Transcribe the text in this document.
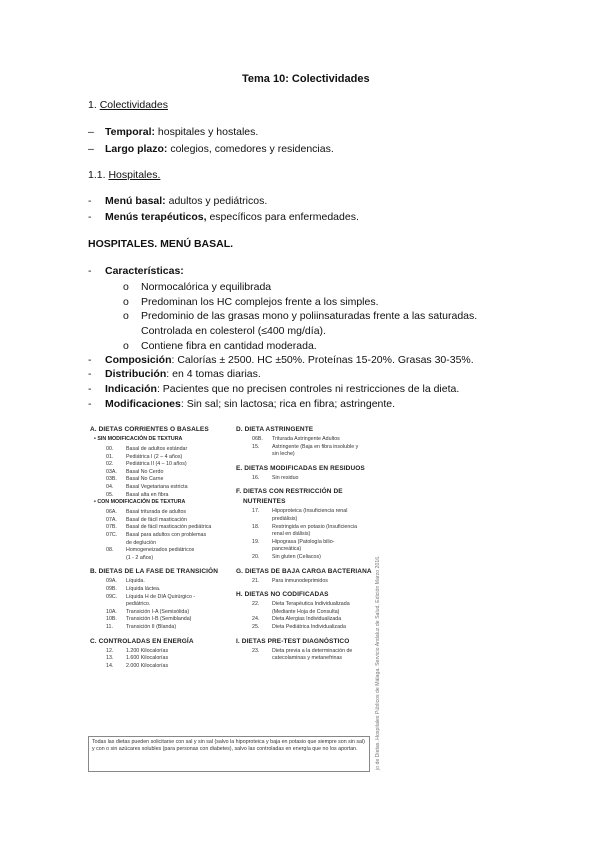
Tema 10: Colectividades
1. Colectividades
– Temporal: hospitales y hostales.
– Largo plazo: colegios, comedores y residencias.
1.1. Hospitales.
- Menú basal: adultos y pediátricos.
- Menús terapéuticos, específicos para enfermedades.
HOSPITALES. MENÚ BASAL.
- Características:
o Normocalórica y equilibrada
o Predominan los HC complejos frente a los simples.
o Predominio de las grasas mono y poliinsaturadas frente a las saturadas.
Controlada en colesterol (≤400 mg/día).
o Contiene fibra en cantidad moderada.
- Composición: Calorías ± 2500. HC ±50%. Proteínas 15-20%. Grasas 30-35%.
- Distribución: en 4 tomas diarias.
- Indicación: Pacientes que no precisen controles ni restricciones de la dieta.
- Modificaciones: Sin sal; sin lactosa; rica en fibra; astringente.
A. DIETAS CORRIENTES O BASALES
• SIN MODIFICACIÓN DE TEXTURA
00. Basal de adultos estándar
01. Pediátrica I (2 – 4 años)
02. Pediátrica II (4 – 10 años)
03A. Basal No Cerdo
03B. Basal No Carne
04. Basal Vegetariana estricta
05. Basal alta en fibra
• CON MODIFICACIÓN DE TEXTURA
06A. Basal triturada de adultos
07A. Basal de fácil masticación
07B. Basal de fácil masticación pediátrica
07C. Basal para adultos con problemas
de deglución
08. Homogeneizados pediátricos
(1 - 2 años)
B. DIETAS DE LA FASE DE TRANSICIÓN
09A. Líquida.
09B. Líquida láctea.
09C. Líquida H de DIA Quirúrgico -
pediátrico.
10A. Transición I-A (Semisólida)
10B. Transición I-B (Semiblanda)
11. Transición II (Blanda)
C. CONTROLADAS EN ENERGÍA
12. 1.200 Kilocalorías
13. 1.600 Kilocalorías
14. 2.000 Kilocalorías
D. DIETA ASTRINGENTE
06B. Triturada Astringente Adultos
15. Astringente (Baja en fibra insoluble y
sin leche)
E. DIETAS MODIFICADAS EN RESIDUOS
16. Sin residuo
F. DIETAS CON RESTRICCIÓN DE
NUTRIENTES
17. Hipoproteica (Insuficiencia renal
prediálisis)
18. Restringida en potasio (Insuficiencia
renal en diálisis)
19. Hipograsa (Patología bilio-
pancreática)
20. Sin gluten (Celiacos)
G. DIETAS DE BAJA CARGA BACTERIANA
21. Para inmunodeprimidos
H. DIETAS NO CODIFICADAS
22. Dieta Terapéutica Individualizada
(Mediante Hoja de Consulta)
24. Dieta Alergias Individualizada
25. Dieta Pediátrica Individualizada
I. DIETAS PRE-TEST DIAGNÓSTICO
23. Dieta previa a la determinación de
catecolaminas y metanefrinas
Todas las dietas pueden solicitarse con sal y sin sal (salvo la hipoproteica y baja en potasio que siempre son sin sal) y con o sin azúcares solubles (para personas con diabetes), salvo las controladas en energía que no los aportan.	jo de Dietas. Hospitales Públicos de Málaga. Servicio Andaluz de Salud. Edición Marzo 2016.
